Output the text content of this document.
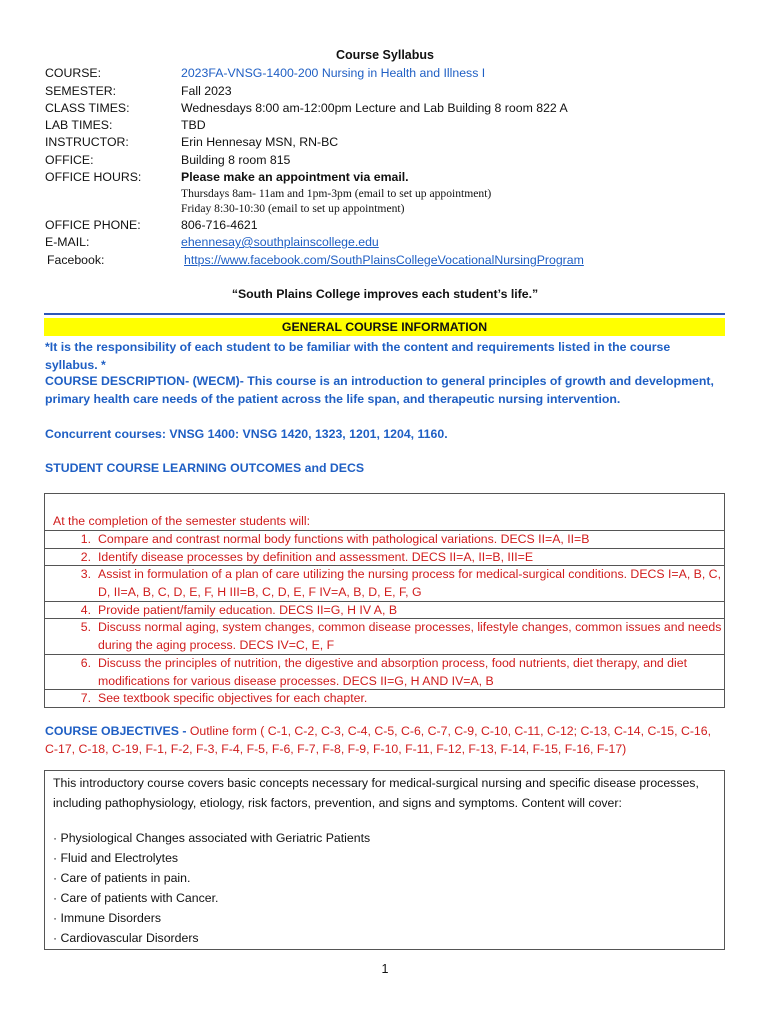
Course Syllabus
COURSE:	2023FA-VNSG-1400-200 Nursing in Health and Illness I
SEMESTER:	Fall 2023
CLASS TIMES:	Wednesdays 8:00 am-12:00pm Lecture and Lab Building 8 room 822 A
LAB TIMES:	TBD
INSTRUCTOR:	Erin Hennesay MSN, RN-BC
OFFICE:	Building 8 room 815
OFFICE HOURS:	Please make an appointment via email.
Thursdays 8am- 11am and 1pm-3pm (email to set up appointment)
Friday 8:30-10:30 (email to set up appointment)
OFFICE PHONE:	806-716-4621
E-MAIL:	ehennesay@southplainscollege.edu
Facebook:	https://www.facebook.com/SouthPlainsCollegeVocationalNursingProgram
“South Plains College improves each student’s life.”
GENERAL COURSE INFORMATION
*It is the responsibility of each student to be familiar with the content and requirements listed in the course syllabus. *
COURSE DESCRIPTION- (WECM)- This course is an introduction to general principles of growth and development, primary health care needs of the patient across the life span, and therapeutic nursing intervention.
Concurrent courses: VNSG 1400: VNSG 1420, 1323, 1201, 1204, 1160.
STUDENT COURSE LEARNING OUTCOMES and DECS
At the completion of the semester students will:
1. Compare and contrast normal body functions with pathological variations. DECS II=A, II=B
2. Identify disease processes by definition and assessment. DECS II=A, II=B, III=E
3. Assist in formulation of a plan of care utilizing the nursing process for medical-surgical conditions. DECS I=A, B, C, D, II=A, B, C, D, E, F, H III=B, C, D, E, F IV=A, B, D, E, F, G
4. Provide patient/family education. DECS II=G, H IV A, B
5. Discuss normal aging, system changes, common disease processes, lifestyle changes, common issues and needs during the aging process. DECS IV=C, E, F
6. Discuss the principles of nutrition, the digestive and absorption process, food nutrients, diet therapy, and diet modifications for various disease processes. DECS II=G, H AND IV=A, B
7. See textbook specific objectives for each chapter.
COURSE OBJECTIVES - Outline form ( C-1, C-2, C-3, C-4, C-5, C-6, C-7, C-9, C-10, C-11, C-12; C-13, C-14, C-15, C-16, C-17, C-18, C-19, F-1, F-2, F-3, F-4, F-5, F-6, F-7, F-8, F-9, F-10, F-11, F-12, F-13, F-14, F-15, F-16, F-17)
This introductory course covers basic concepts necessary for medical-surgical nursing and specific disease processes, including pathophysiology, etiology, risk factors, prevention, and signs and symptoms. Content will cover:
· Physiological Changes associated with Geriatric Patients
· Fluid and Electrolytes
· Care of patients in pain.
· Care of patients with Cancer.
· Immune Disorders
· Cardiovascular Disorders
1
